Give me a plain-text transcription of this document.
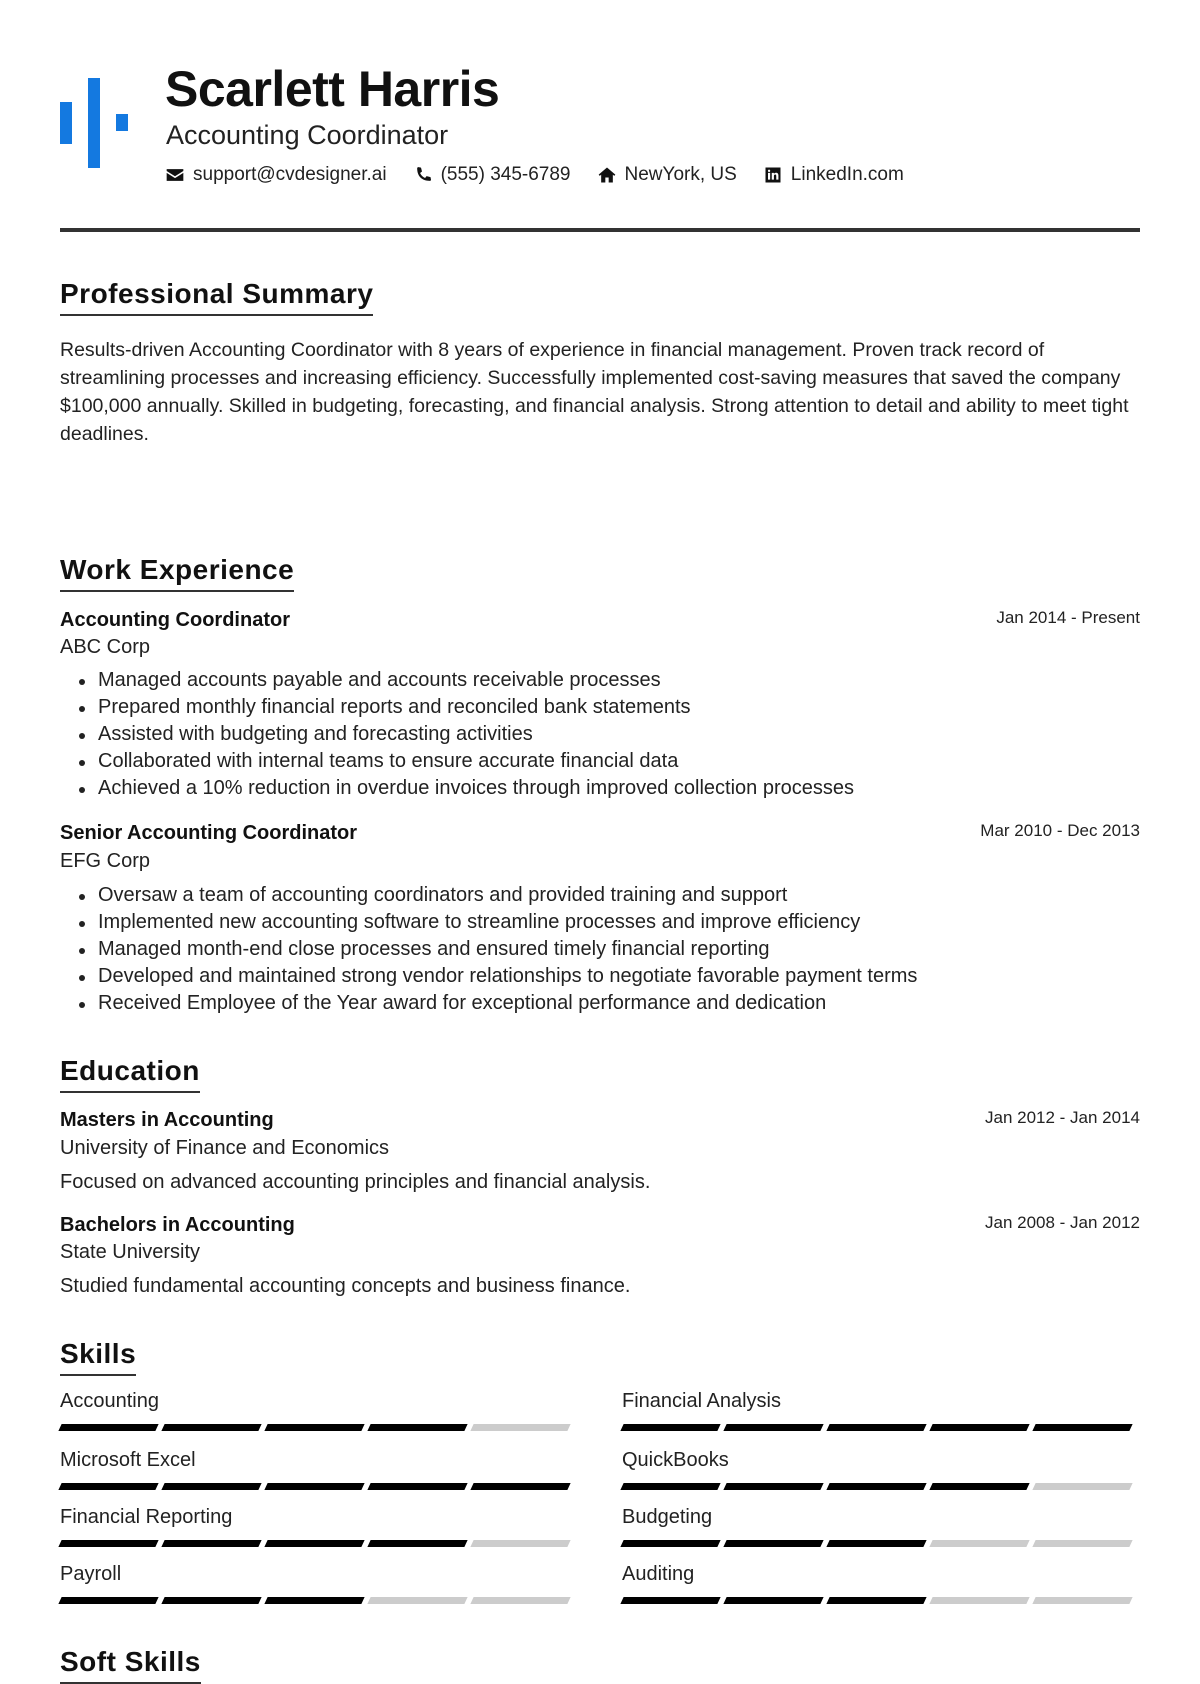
Scarlett Harris
Accounting Coordinator
support@cvdesigner.ai	(555) 345-6789	NewYork, US	LinkedIn.com
Professional Summary
Results-driven Accounting Coordinator with 8 years of experience in financial management. Proven track record of streamlining processes and increasing efficiency. Successfully implemented cost-saving measures that saved the company $100,000 annually. Skilled in budgeting, forecasting, and financial analysis. Strong attention to detail and ability to meet tight deadlines.
Work Experience
Accounting Coordinator	Jan 2014 - Present
ABC Corp
Managed accounts payable and accounts receivable processes
Prepared monthly financial reports and reconciled bank statements
Assisted with budgeting and forecasting activities
Collaborated with internal teams to ensure accurate financial data
Achieved a 10% reduction in overdue invoices through improved collection processes
Senior Accounting Coordinator	Mar 2010 - Dec 2013
EFG Corp
Oversaw a team of accounting coordinators and provided training and support
Implemented new accounting software to streamline processes and improve efficiency
Managed month-end close processes and ensured timely financial reporting
Developed and maintained strong vendor relationships to negotiate favorable payment terms
Received Employee of the Year award for exceptional performance and dedication
Education
Masters in Accounting	Jan 2012 - Jan 2014
University of Finance and Economics
Focused on advanced accounting principles and financial analysis.
Bachelors in Accounting	Jan 2008 - Jan 2012
State University
Studied fundamental accounting concepts and business finance.
Skills
Accounting	Financial Analysis
Microsoft Excel	QuickBooks
Financial Reporting	Budgeting
Payroll	Auditing
Soft Skills
